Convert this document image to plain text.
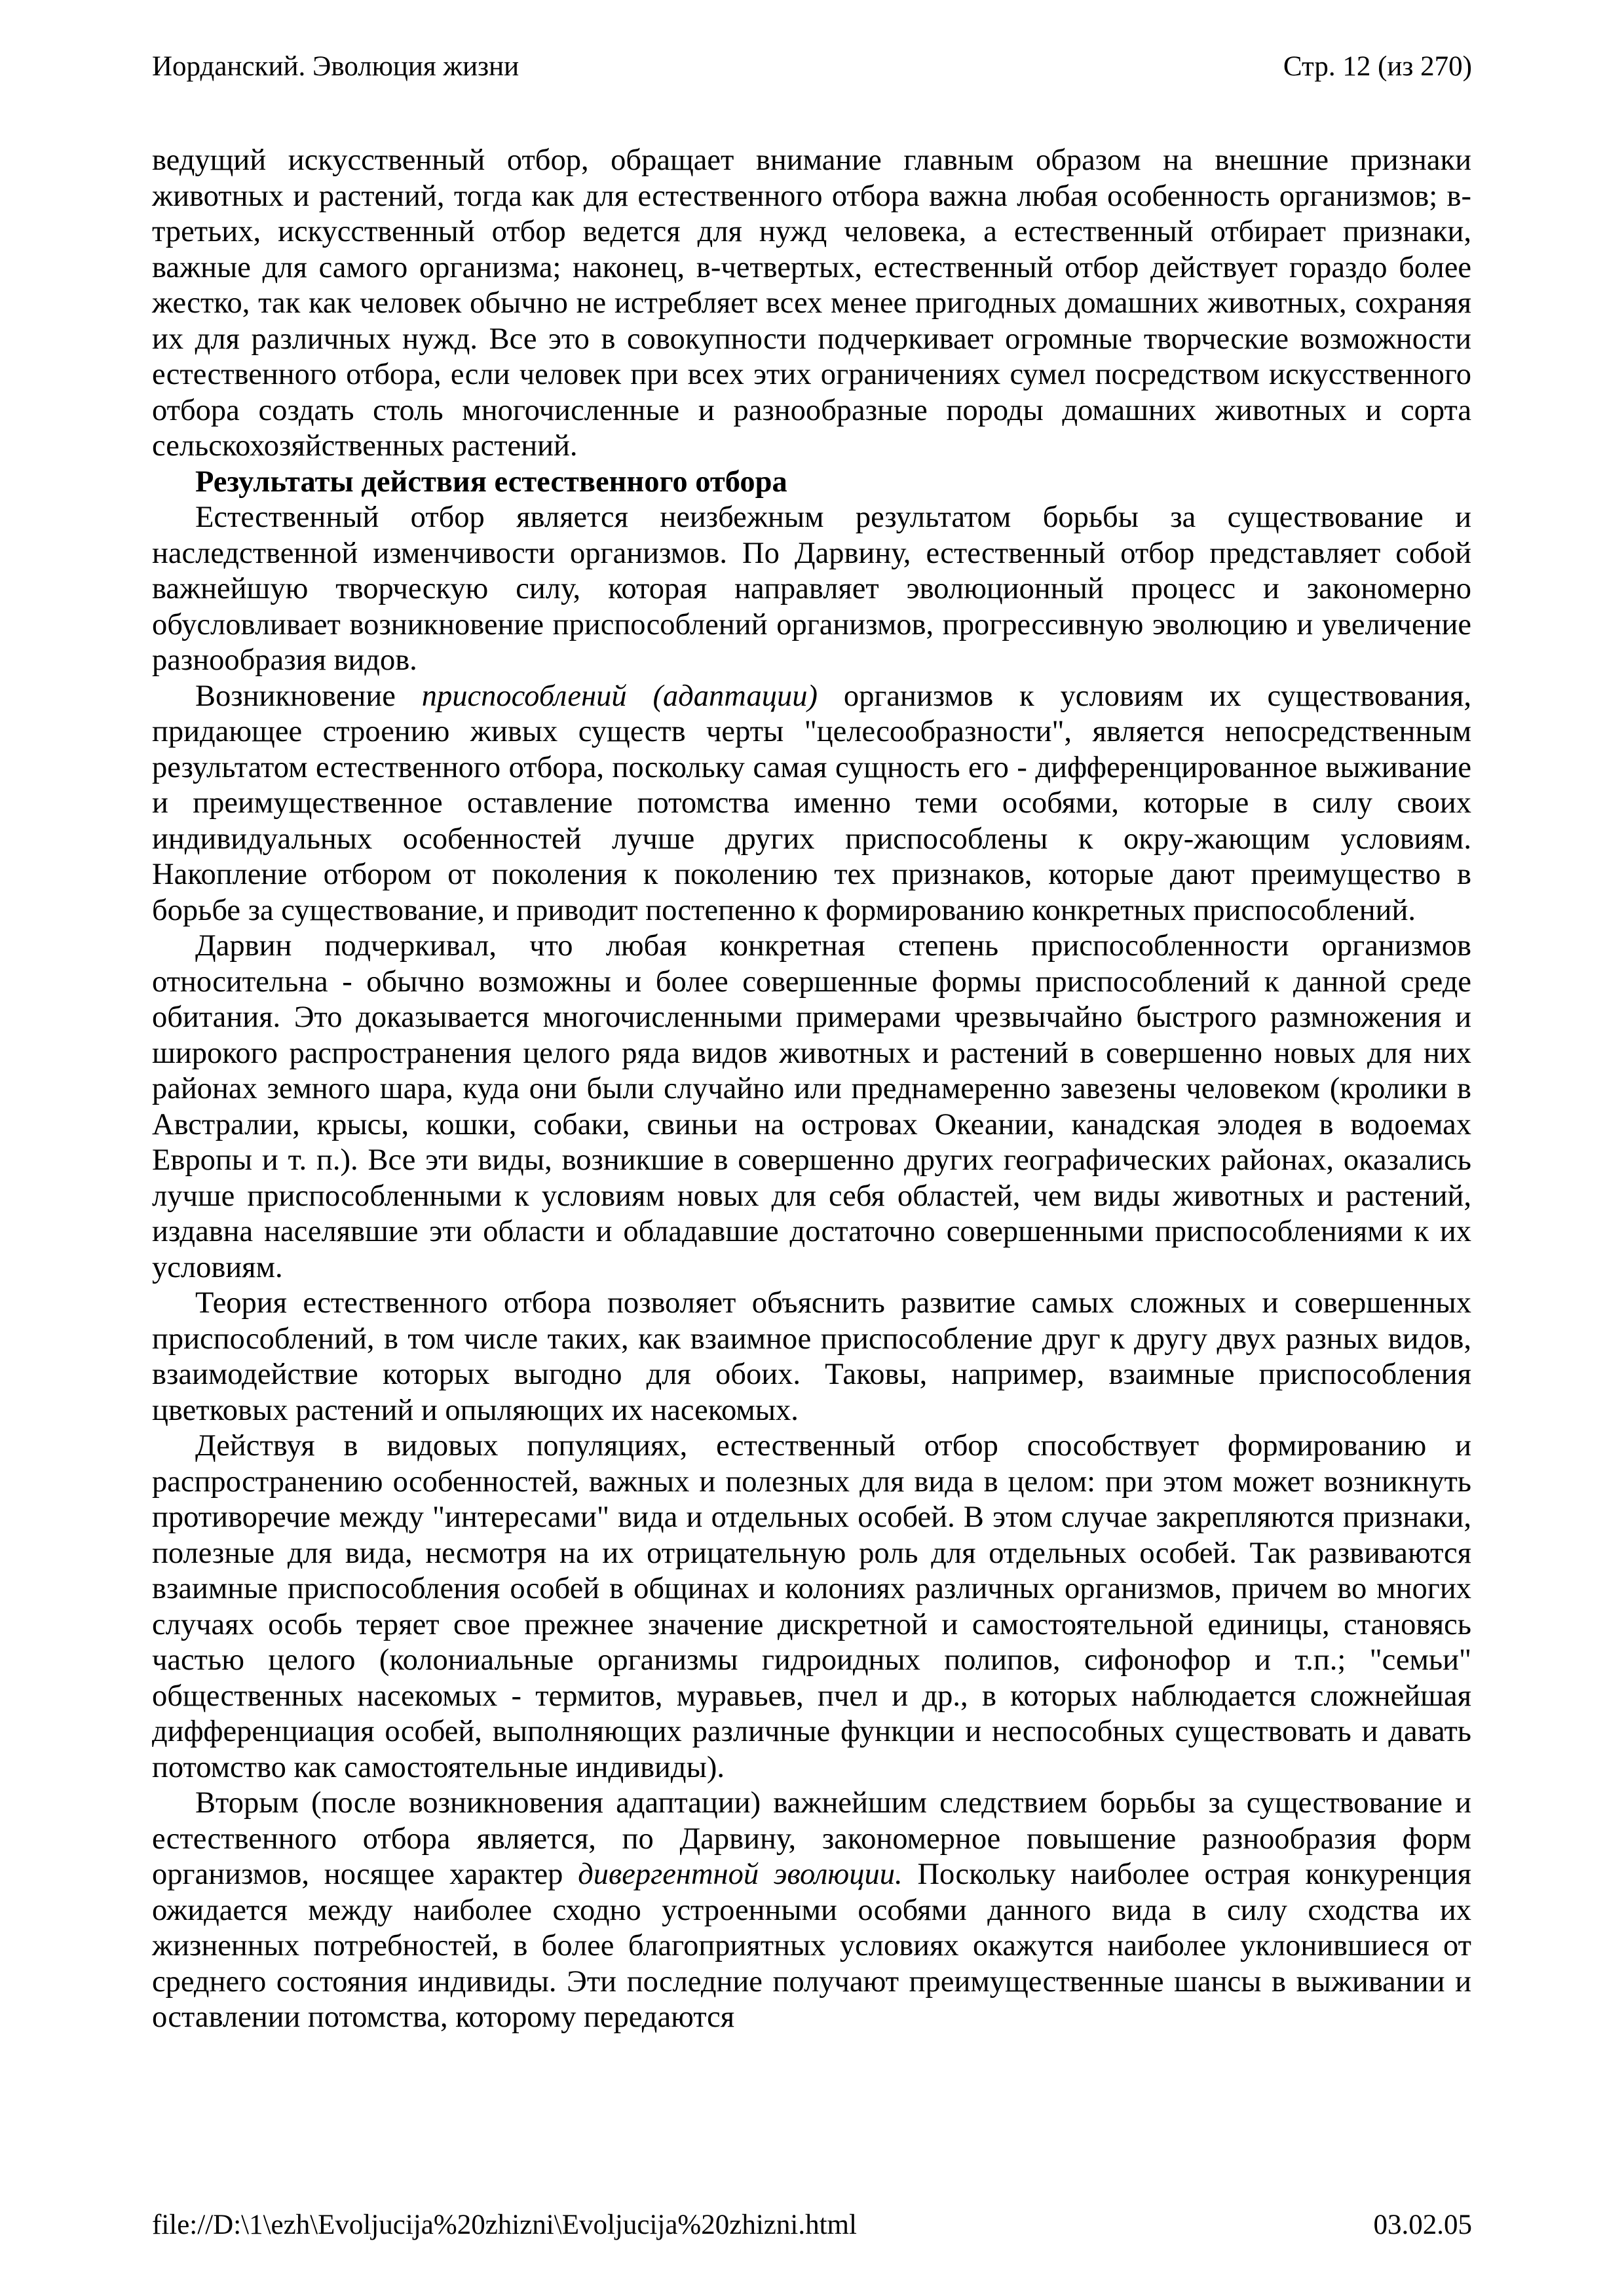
Иорданский. Эволюция жизни	Стр. 12 (из 270)

ведущий искусственный отбор, обращает внимание главным образом на внешние признаки животных и растений, тогда как для естественного отбора важна любая особенность организмов; в-третьих, искусственный отбор ведется для нужд человека, а естественный отбирает признаки, важные для самого организма; наконец, в-четвертых, естественный отбор действует гораздо более жестко, так как человек обычно не истребляет всех менее пригодных домашних животных, сохраняя их для различных нужд. Все это в совокупности подчеркивает огромные творческие возможности естественного отбора, если человек при всех этих ограничениях сумел посредством искусственного отбора создать столь многочисленные и разнообразные породы домашних животных и сорта сельскохозяйственных растений.

Результаты действия естественного отбора

Естественный отбор является неизбежным результатом борьбы за существование и наследственной изменчивости организмов. По Дарвину, естественный отбор представляет собой важнейшую творческую силу, которая направляет эволюционный процесс и закономерно обусловливает возникновение приспособлений организмов, прогрессивную эволюцию и увеличение разнообразия видов.

Возникновение приспособлений (адаптации) организмов к условиям их существования, придающее строению живых существ черты "целесообразности", является непосредственным результатом естественного отбора, поскольку самая сущность его - дифференцированное выживание и преимущественное оставление потомства именно теми особями, которые в силу своих индивидуальных особенностей лучше других приспособлены к окру-жающим условиям. Накопление отбором от поколения к поколению тех признаков, которые дают преимущество в борьбе за существование, и приводит постепенно к формированию конкретных приспособлений.

Дарвин подчеркивал, что любая конкретная степень приспособленности организмов относительна - обычно возможны и более совершенные формы приспособлений к данной среде обитания. Это доказывается многочисленными примерами чрезвычайно быстрого размножения и широкого распространения целого ряда видов животных и растений в совершенно новых для них районах земного шара, куда они были случайно или преднамеренно завезены человеком (кролики в Австралии, крысы, кошки, собаки, свиньи на островах Океании, канадская элодея в водоемах Европы и т. п.). Все эти виды, возникшие в совершенно других географических районах, оказались лучше приспособленными к условиям новых для себя областей, чем виды животных и растений, издавна населявшие эти области и обладавшие достаточно совершенными приспособлениями к их условиям.

Теория естественного отбора позволяет объяснить развитие самых сложных и совершенных приспособлений, в том числе таких, как взаимное приспособление друг к другу двух разных видов, взаимодействие которых выгодно для обоих. Таковы, например, взаимные приспособления цветковых растений и опыляющих их насекомых.

Действуя в видовых популяциях, естественный отбор способствует формированию и распространению особенностей, важных и полезных для вида в целом: при этом может возникнуть противоречие между "интересами" вида и отдельных особей. В этом случае закрепляются признаки, полезные для вида, несмотря на их отрицательную роль для отдельных особей. Так развиваются взаимные приспособления особей в общинах и колониях различных организмов, причем во многих случаях особь теряет свое прежнее значение дискретной и самостоятельной единицы, становясь частью целого (колониальные организмы гидроидных полипов, сифонофор и т.п.; "семьи" общественных насекомых - термитов, муравьев, пчел и др., в которых наблюдается сложнейшая дифференциация особей, выполняющих различные функции и неспособных существовать и давать потомство как самостоятельные индивиды).

Вторым (после возникновения адаптации) важнейшим следствием борьбы за существование и естественного отбора является, по Дарвину, закономерное повышение разнообразия форм организмов, носящее характер дивергентной эволюции. Поскольку наиболее острая конкуренция ожидается между наиболее сходно устроенными особями данного вида в силу сходства их жизненных потребностей, в более благоприятных условиях окажутся наиболее уклонившиеся от среднего состояния индивиды. Эти последние получают преимущественные шансы в выживании и оставлении потомства, которому передаются

file://D:\1\ezh\Evoljucija%20zhizni\Evoljucija%20zhizni.html	03.02.05
